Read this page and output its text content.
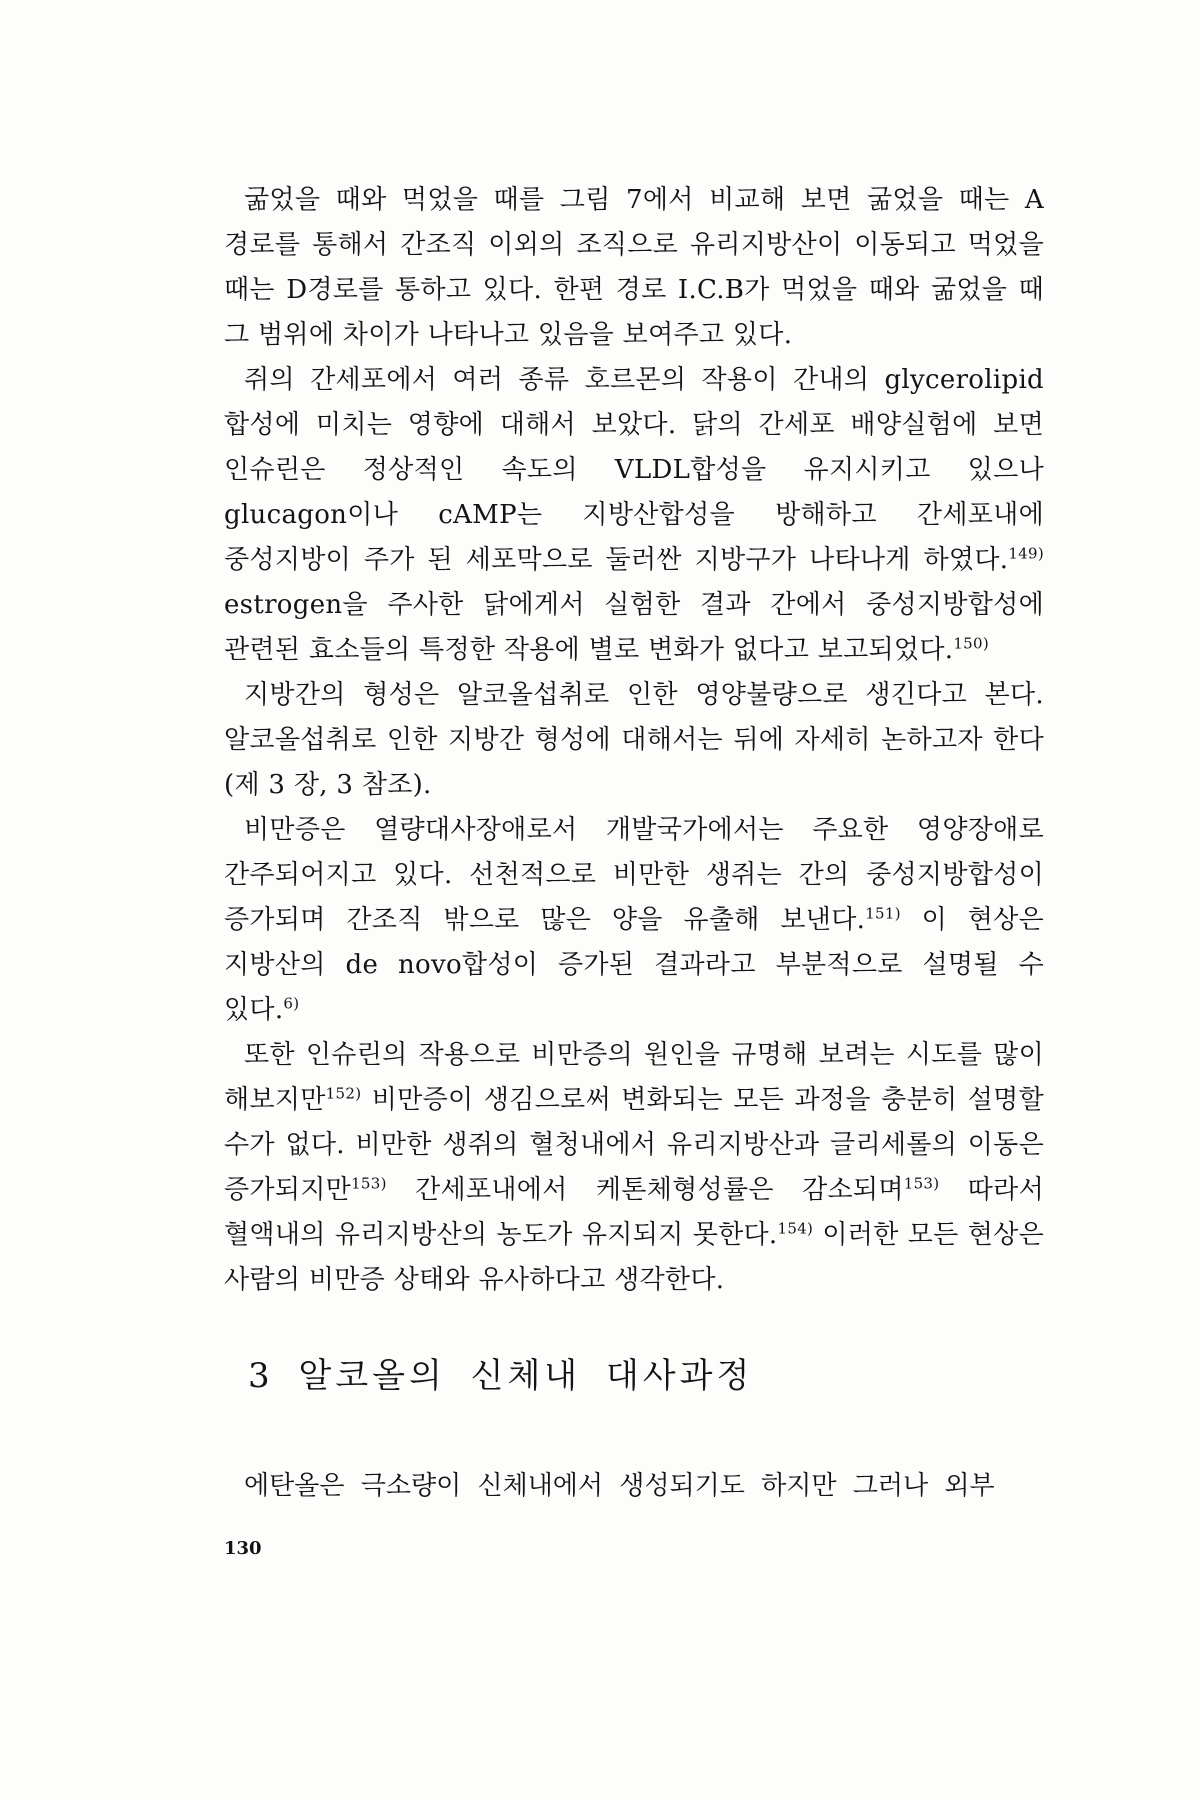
굶었을 때와 먹었을 때를 그림 7에서 비교해 보면 굶었을 때는 A 경로를 통해서 간조직 이외의 조직으로 유리지방산이 이동되고 먹었을 때는 D경로를 통하고 있다. 한편 경로 I.C.B가 먹었을 때와 굶었을 때 그 범위에 차이가 나타나고 있음을 보여주고 있다.

쥐의 간세포에서 여러 종류 호르몬의 작용이 간내의 glycerolipid 합성에 미치는 영향에 대해서 보았다. 닭의 간세포 배양실험에 보면 인슈린은 정상적인 속도의 VLDL합성을 유지시키고 있으나 glucagon이나 cAMP는 지방산합성을 방해하고 간세포내에 중성지방이 주가 된 세포막으로 둘러싼 지방구가 나타나게 하였다.$^{149)}$ estrogen을 주사한 닭에게서 실험한 결과 간에서 중성지방합성에 관련된 효소들의 특정한 작용에 별로 변화가 없다고 보고되었다.$^{150)}$

지방간의 형성은 알코올섭취로 인한 영양불량으로 생긴다고 본다. 알코올섭취로 인한 지방간 형성에 대해서는 뒤에 자세히 논하고자 한다(제 3 장, 3 참조).

비만증은 열량대사장애로서 개발국가에서는 주요한 영양장애로 간주되어지고 있다. 선천적으로 비만한 생쥐는 간의 중성지방합성이 증가되며 간조직 밖으로 많은 양을 유출해 보낸다.$^{151)}$ 이 현상은 지방산의 de novo합성이 증가된 결과라고 부분적으로 설명될 수 있다.$^{6)}$

또한 인슈린의 작용으로 비만증의 원인을 규명해 보려는 시도를 많이 해보지만$^{152)}$ 비만증이 생김으로써 변화되는 모든 과정을 충분히 설명할 수가 없다. 비만한 생쥐의 혈청내에서 유리지방산과 글리세롤의 이동은 증가되지만$^{153)}$ 간세포내에서 케톤체형성률은 감소되며$^{153)}$ 따라서 혈액내의 유리지방산의 농도가 유지되지 못한다.$^{154)}$ 이러한 모든 현상은 사람의 비만증 상태와 유사하다고 생각한다.

3 알코올의 신체내 대사과정

에탄올은 극소량이 신체내에서 생성되기도 하지만 그러나 외부

130
